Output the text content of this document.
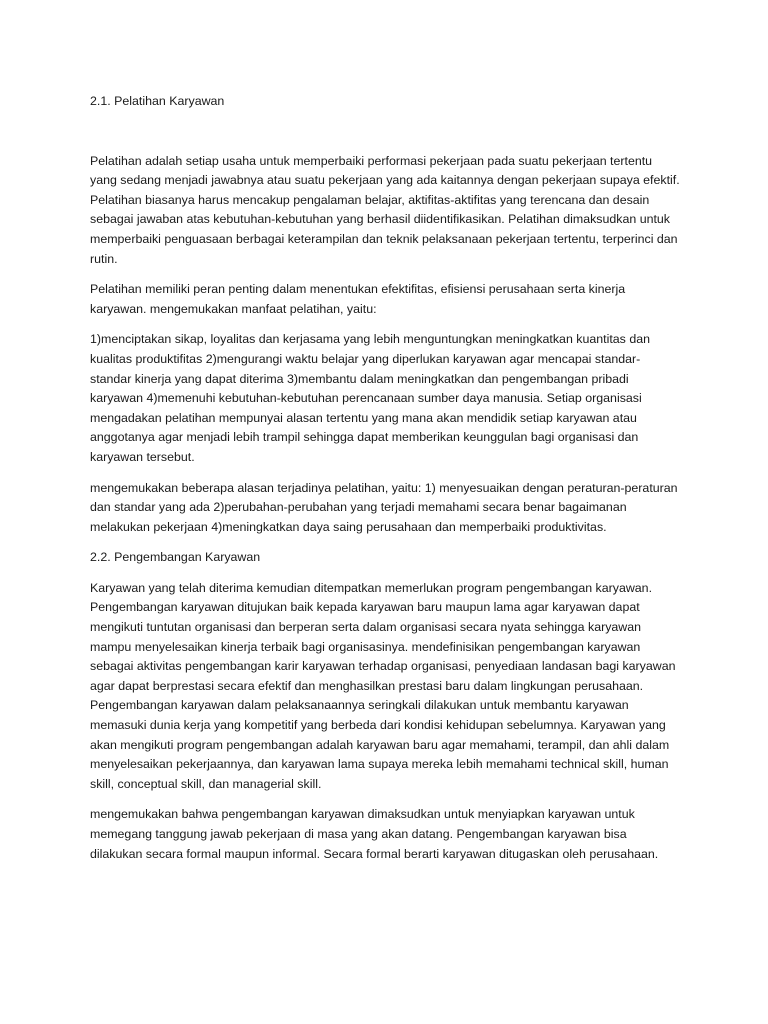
2.1. Pelatihan Karyawan

Pelatihan adalah setiap usaha untuk memperbaiki performasi pekerjaan pada suatu pekerjaan tertentu yang sedang menjadi jawabnya atau suatu pekerjaan yang ada kaitannya dengan pekerjaan supaya efektif. Pelatihan biasanya harus mencakup pengalaman belajar, aktifitas-aktifitas yang terencana dan desain sebagai jawaban atas kebutuhan-kebutuhan yang berhasil diidentifikasikan. Pelatihan dimaksudkan untuk memperbaiki penguasaan berbagai keterampilan dan teknik pelaksanaan pekerjaan tertentu, terperinci dan rutin.

Pelatihan memiliki peran penting dalam menentukan efektifitas, efisiensi perusahaan serta kinerja karyawan. mengemukakan manfaat pelatihan, yaitu:

1)menciptakan sikap, loyalitas dan kerjasama yang lebih menguntungkan meningkatkan kuantitas dan kualitas produktifitas 2)mengurangi waktu belajar yang diperlukan karyawan agar mencapai standar-standar kinerja yang dapat diterima 3)membantu dalam meningkatkan dan pengembangan pribadi karyawan 4)memenuhi kebutuhan-kebutuhan perencanaan sumber daya manusia. Setiap organisasi mengadakan pelatihan mempunyai alasan tertentu yang mana akan mendidik setiap karyawan atau anggotanya agar menjadi lebih trampil sehingga dapat memberikan keunggulan bagi organisasi dan karyawan tersebut.

mengemukakan beberapa alasan terjadinya pelatihan, yaitu: 1) menyesuaikan dengan peraturan-peraturan dan standar yang ada 2)perubahan-perubahan yang terjadi memahami secara benar bagaimanan melakukan pekerjaan 4)meningkatkan daya saing perusahaan dan memperbaiki produktivitas.

2.2. Pengembangan Karyawan

Karyawan yang telah diterima kemudian ditempatkan memerlukan program pengembangan karyawan. Pengembangan karyawan ditujukan baik kepada karyawan baru maupun lama agar karyawan dapat mengikuti tuntutan organisasi dan berperan serta dalam organisasi secara nyata sehingga karyawan mampu menyelesaikan kinerja terbaik bagi organisasinya. mendefinisikan pengembangan karyawan sebagai aktivitas pengembangan karir karyawan terhadap organisasi, penyediaan landasan bagi karyawan agar dapat berprestasi secara efektif dan menghasilkan prestasi baru dalam lingkungan perusahaan. Pengembangan karyawan dalam pelaksanaannya seringkali dilakukan untuk membantu karyawan memasuki dunia kerja yang kompetitif yang berbeda dari kondisi kehidupan sebelumnya. Karyawan yang akan mengikuti program pengembangan adalah karyawan baru agar memahami, terampil, dan ahli dalam menyelesaikan pekerjaannya, dan karyawan lama supaya mereka lebih memahami technical skill, human skill, conceptual skill, dan managerial skill.

mengemukakan bahwa pengembangan karyawan dimaksudkan untuk menyiapkan karyawan untuk memegang tanggung jawab pekerjaan di masa yang akan datang. Pengembangan karyawan bisa dilakukan secara formal maupun informal. Secara formal berarti karyawan ditugaskan oleh perusahaan.
